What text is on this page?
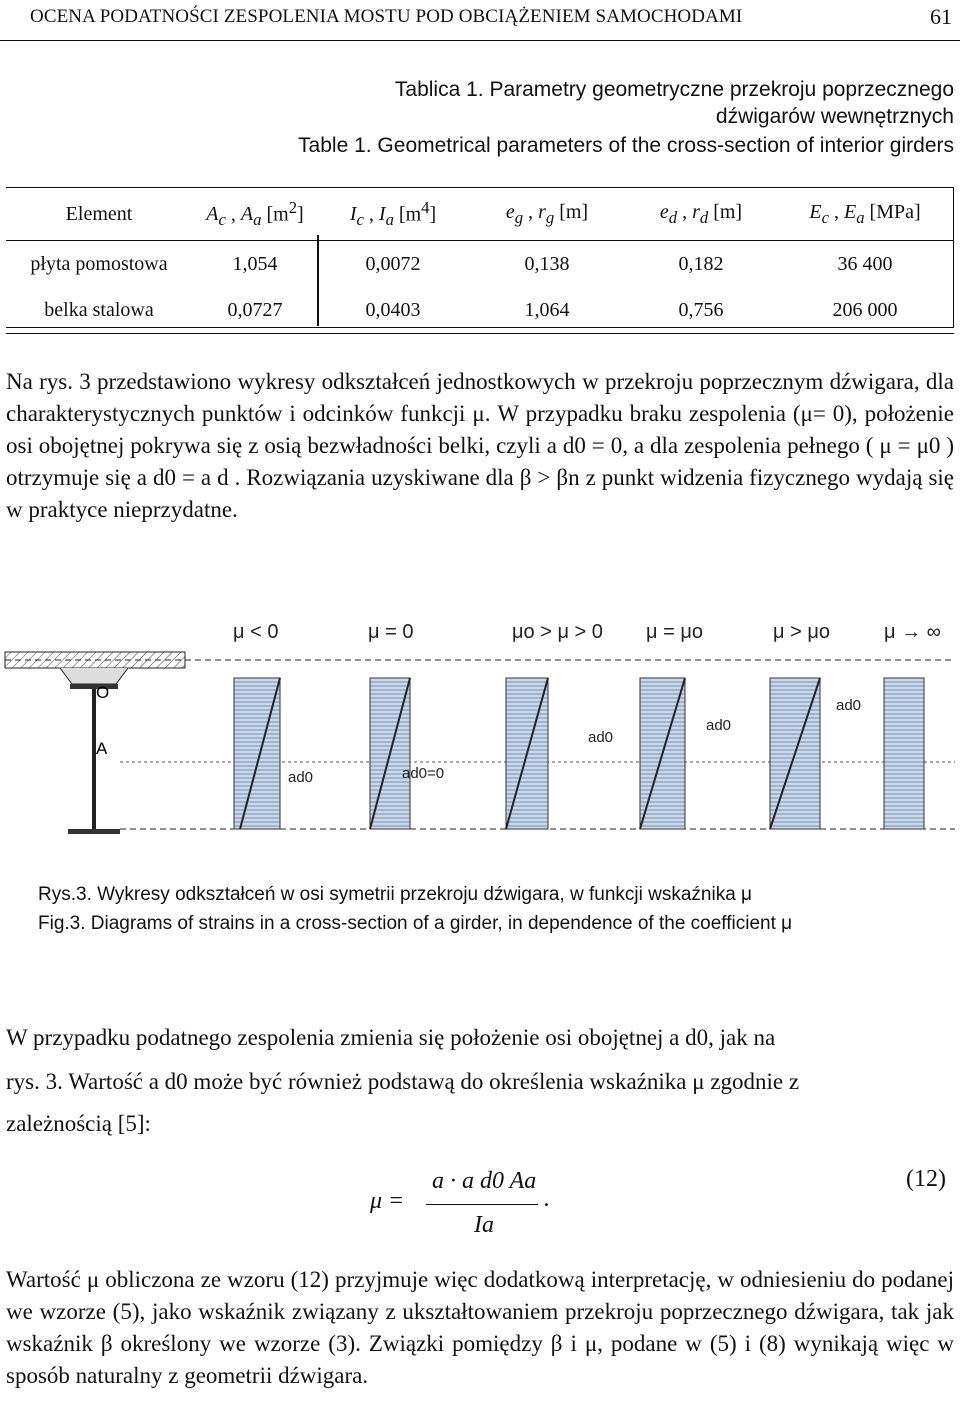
OCENA PODATNOŚCI ZESPOLENIA MOSTU POD OBCIĄŻENIEM SAMOCHODAMI	61
Tablica 1. Parametry geometryczne przekroju poprzecznego
dźwigarów wewnętrznych
Table 1. Geometrical parameters of the cross-section of interior girders
Element	$A_c$ , $A_a$ $[m^2]$	$I_c$ , $I_a$ $[m^4]$	$e_g$ , $r_g$ [m]	$e_d$ , $r_d$ [m]	$E_c$ , $E_a$ [MPa]
płyta pomostowa	1,054	0,0072	0,138	0,182	36 400
belka stalowa	0,0727	0,0403	1,064	0,756	206 000
Na rys. 3 przedstawiono wykresy odkształceń jednostkowych w przekroju poprzecznym dźwigara, dla charakterystycznych punktów i odcinków funkcji μ. W przypadku braku zespolenia (μ= 0), położenie osi obojętnej pokrywa się z osią bezwładności belki, czyli a d0 = 0, a dla zespolenia pełnego ( μ = μ0 ) otrzymuje się a d0 = a d . Rozwiązania uzyskiwane dla β > βn z punkt widzenia fizycznego wydają się w praktyce nieprzydatne.
μ < 0	μ = 0	μo > μ > 0 μ = μo	μ > μo	μ → ∞
O
A
ad0	ad0=0
ad0
ad0
ad0
Rys.3. Wykresy odkształceń w osi symetrii przekroju dźwigara, w funkcji wskaźnika μ
Fig.3. Diagrams of strains in a cross-section of a girder, in dependence of the coefficient μ
W przypadku podatnego zespolenia zmienia się położenie osi obojętnej a d0, jak na
rys. 3. Wartość a d0 może być również podstawą do określenia wskaźnika μ zgodnie z
zależnością [5]:
μ =
a · a d0 Aa
Ia
.
(12)
Wartość μ obliczona ze wzoru (12) przyjmuje więc dodatkową interpretację, w odniesieniu do podanej we wzorze (5), jako wskaźnik związany z ukształtowaniem przekroju poprzecznego dźwigara, tak jak wskaźnik β określony we wzorze (3). Związki pomiędzy β i μ, podane w (5) i (8) wynikają więc w sposób naturalny z geometrii dźwigara.
